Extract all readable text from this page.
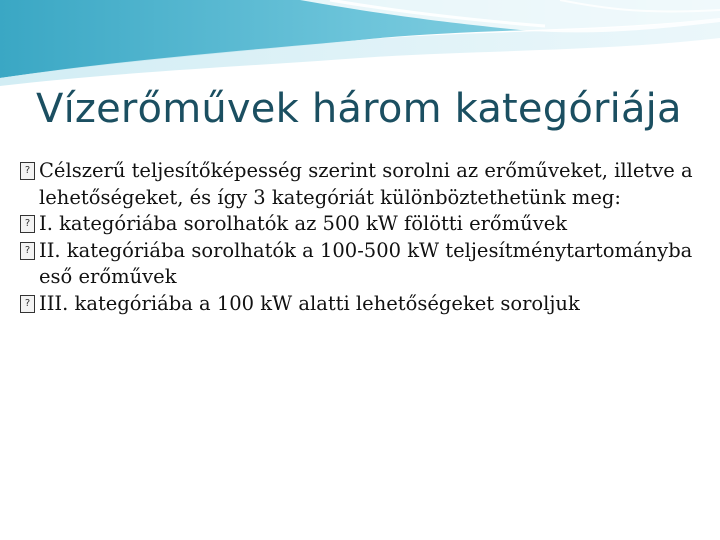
Vízerőművek három kategóriája
? Célszerű teljesítőképesség szerint sorolni az erőműveket, illetve a lehetőségeket, és így 3 kategóriát különböztethetünk meg:
? I. kategóriába sorolhatók az 500 kW fölötti erőművek
? II. kategóriába sorolhatók a 100-500 kW teljesítménytartományba eső erőművek
? III. kategóriába a 100 kW alatti lehetőségeket soroljuk
